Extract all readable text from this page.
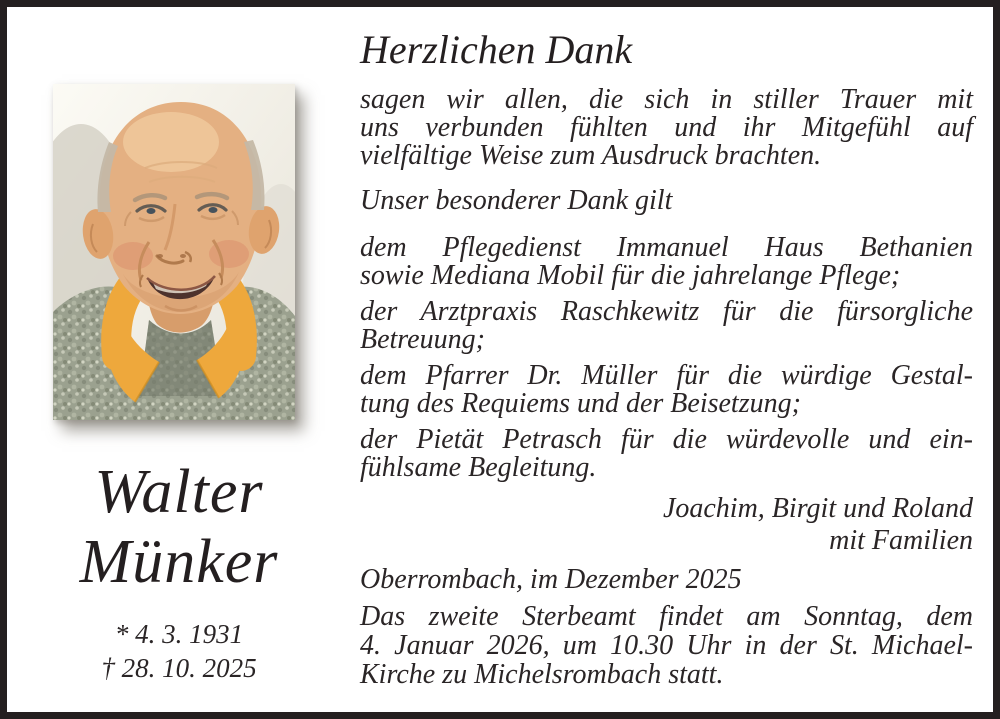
Walter
Münker
* 4. 3. 1931
† 28. 10. 2025
Herzlichen Dank
sagen wir allen, die sich in stiller Trauer mit
uns verbunden fühlten und ihr Mitgefühl auf
vielfältige Weise zum Ausdruck brachten.
Unser besonderer Dank gilt
dem Pflegedienst Immanuel Haus Bethanien
sowie Mediana Mobil für die jahrelange Pflege;
der Arztpraxis Raschkewitz für die fürsorgliche
Betreuung;
dem Pfarrer Dr. Müller für die würdige Gestal-
tung des Requiems und der Beisetzung;
der Pietät Petrasch für die würdevolle und ein-
fühlsame Begleitung.
Joachim, Birgit und Roland
mit Familien
Oberrombach, im Dezember 2025
Das zweite Sterbeamt findet am Sonntag, dem
4. Januar 2026, um 10.30 Uhr in der St. Michael-
Kirche zu Michelsrombach statt.
